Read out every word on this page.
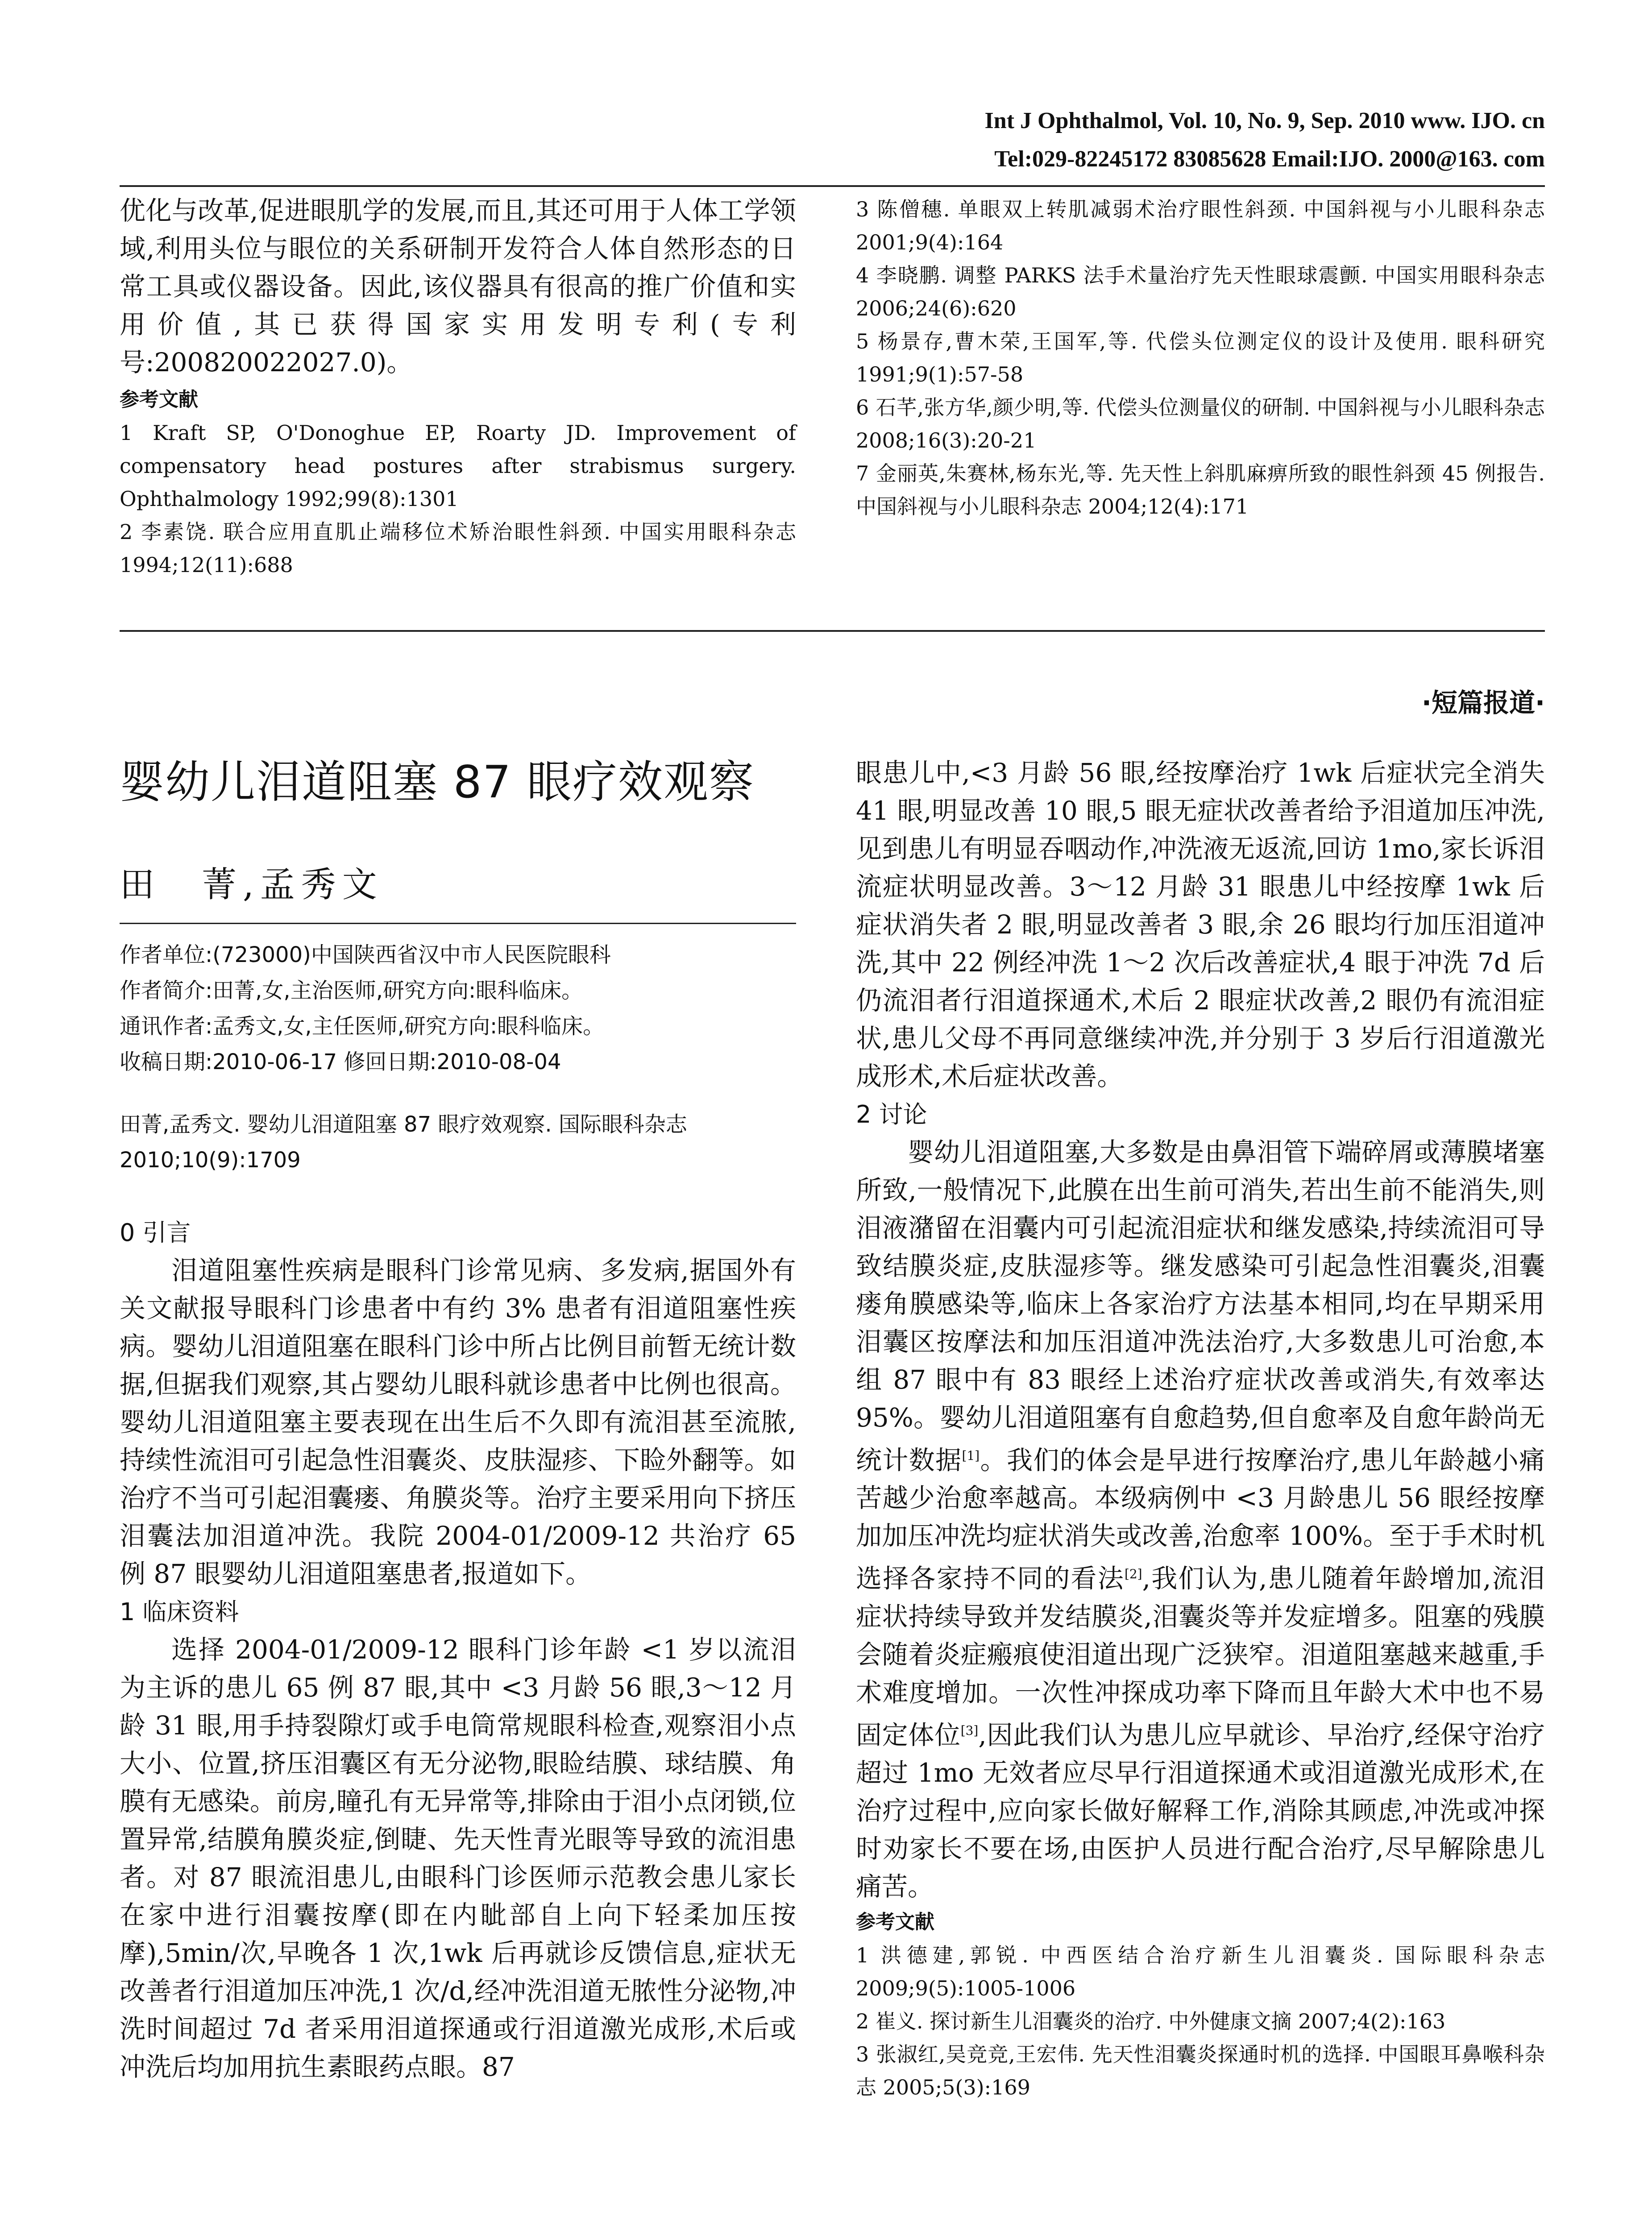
Int J Ophthalmol, Vol. 10, No. 9, Sep. 2010 www. IJO. cn
Tel:029-82245172 83085628 Email:IJO. 2000@163. com

优化与改革,促进眼肌学的发展,而且,其还可用于人体工学领域,利用头位与眼位的关系研制开发符合人体自然形态的日常工具或仪器设备。因此,该仪器具有很高的推广价值和实用价值,其已获得国家实用发明专利(专利号:200820022027.0)。

参考文献

1 Kraft SP, O'Donoghue EP, Roarty JD. Improvement of compensatory head postures after strabismus surgery. Ophthalmology 1992;99(8):1301

2 李素饶. 联合应用直肌止端移位术矫治眼性斜颈. 中国实用眼科杂志 1994;12(11):688

3 陈僧穗. 单眼双上转肌减弱术治疗眼性斜颈. 中国斜视与小儿眼科杂志 2001;9(4):164

4 李晓鹏. 调整 PARKS 法手术量治疗先天性眼球震颤. 中国实用眼科杂志 2006;24(6):620

5 杨景存,曹木荣,王国军,等. 代偿头位测定仪的设计及使用. 眼科研究 1991;9(1):57-58

6 石芊,张方华,颜少明,等. 代偿头位测量仪的研制. 中国斜视与小儿眼科杂志 2008;16(3):20-21

7 金丽英,朱赛林,杨东光,等. 先天性上斜肌麻痹所致的眼性斜颈 45 例报告. 中国斜视与小儿眼科杂志 2004;12(4):171

·短篇报道·
婴幼儿泪道阻塞 87 眼疗效观察
田　菁,孟秀文

作者单位:(723000)中国陕西省汉中市人民医院眼科

作者简介:田菁,女,主治医师,研究方向:眼科临床。

通讯作者:孟秀文,女,主任医师,研究方向:眼科临床。

收稿日期:2010-06-17 修回日期:2010-08-04

田菁,孟秀文. 婴幼儿泪道阻塞 87 眼疗效观察. 国际眼科杂志 2010;10(9):1709

0 引言

泪道阻塞性疾病是眼科门诊常见病、多发病,据国外有关文献报导眼科门诊患者中有约 3% 患者有泪道阻塞性疾病。婴幼儿泪道阻塞在眼科门诊中所占比例目前暂无统计数据,但据我们观察,其占婴幼儿眼科就诊患者中比例也很高。婴幼儿泪道阻塞主要表现在出生后不久即有流泪甚至流脓,持续性流泪可引起急性泪囊炎、皮肤湿疹、下睑外翻等。如治疗不当可引起泪囊瘘、角膜炎等。治疗主要采用向下挤压泪囊法加泪道冲洗。我院 2004-01/2009-12 共治疗 65 例 87 眼婴幼儿泪道阻塞患者,报道如下。

1 临床资料

选择 2004-01/2009-12 眼科门诊年龄 <1 岁以流泪为主诉的患儿 65 例 87 眼,其中 <3 月龄 56 眼,3～12 月龄 31 眼,用手持裂隙灯或手电筒常规眼科检查,观察泪小点大小、位置,挤压泪囊区有无分泌物,眼睑结膜、球结膜、角膜有无感染。前房,瞳孔有无异常等,排除由于泪小点闭锁,位置异常,结膜角膜炎症,倒睫、先天性青光眼等导致的流泪患者。对 87 眼流泪患儿,由眼科门诊医师示范教会患儿家长在家中进行泪囊按摩(即在内眦部自上向下轻柔加压按摩),5min/次,早晚各 1 次,1wk 后再就诊反馈信息,症状无改善者行泪道加压冲洗,1 次/d,经冲洗泪道无脓性分泌物,冲洗时间超过 7d 者采用泪道探通或行泪道激光成形,术后或冲洗后均加用抗生素眼药点眼。87

眼患儿中,<3 月龄 56 眼,经按摩治疗 1wk 后症状完全消失 41 眼,明显改善 10 眼,5 眼无症状改善者给予泪道加压冲洗,见到患儿有明显吞咽动作,冲洗液无返流,回访 1mo,家长诉泪流症状明显改善。3～12 月龄 31 眼患儿中经按摩 1wk 后症状消失者 2 眼,明显改善者 3 眼,余 26 眼均行加压泪道冲洗,其中 22 例经冲洗 1～2 次后改善症状,4 眼于冲洗 7d 后仍流泪者行泪道探通术,术后 2 眼症状改善,2 眼仍有流泪症状,患儿父母不再同意继续冲洗,并分别于 3 岁后行泪道激光成形术,术后症状改善。

2 讨论

婴幼儿泪道阻塞,大多数是由鼻泪管下端碎屑或薄膜堵塞所致,一般情况下,此膜在出生前可消失,若出生前不能消失,则泪液潴留在泪囊内可引起流泪症状和继发感染,持续流泪可导致结膜炎症,皮肤湿疹等。继发感染可引起急性泪囊炎,泪囊瘘角膜感染等,临床上各家治疗方法基本相同,均在早期采用泪囊区按摩法和加压泪道冲洗法治疗,大多数患儿可治愈,本组 87 眼中有 83 眼经上述治疗症状改善或消失,有效率达 95%。婴幼儿泪道阻塞有自愈趋势,但自愈率及自愈年龄尚无统计数据[1]。我们的体会是早进行按摩治疗,患儿年龄越小痛苦越少治愈率越高。本级病例中 <3 月龄患儿 56 眼经按摩加加压冲洗均症状消失或改善,治愈率 100%。至于手术时机选择各家持不同的看法[2],我们认为,患儿随着年龄增加,流泪症状持续导致并发结膜炎,泪囊炎等并发症增多。阻塞的残膜会随着炎症瘢痕使泪道出现广泛狭窄。泪道阻塞越来越重,手术难度增加。一次性冲探成功率下降而且年龄大术中也不易固定体位[3],因此我们认为患儿应早就诊、早治疗,经保守治疗超过 1mo 无效者应尽早行泪道探通术或泪道激光成形术,在治疗过程中,应向家长做好解释工作,消除其顾虑,冲洗或冲探时劝家长不要在场,由医护人员进行配合治疗,尽早解除患儿痛苦。

参考文献

1 洪德建,郭锐. 中西医结合治疗新生儿泪囊炎. 国际眼科杂志 2009;9(5):1005-1006

2 崔义. 探讨新生儿泪囊炎的治疗. 中外健康文摘 2007;4(2):163

3 张淑红,吴竞竞,王宏伟. 先天性泪囊炎探通时机的选择. 中国眼耳鼻喉科杂志 2005;5(3):169
